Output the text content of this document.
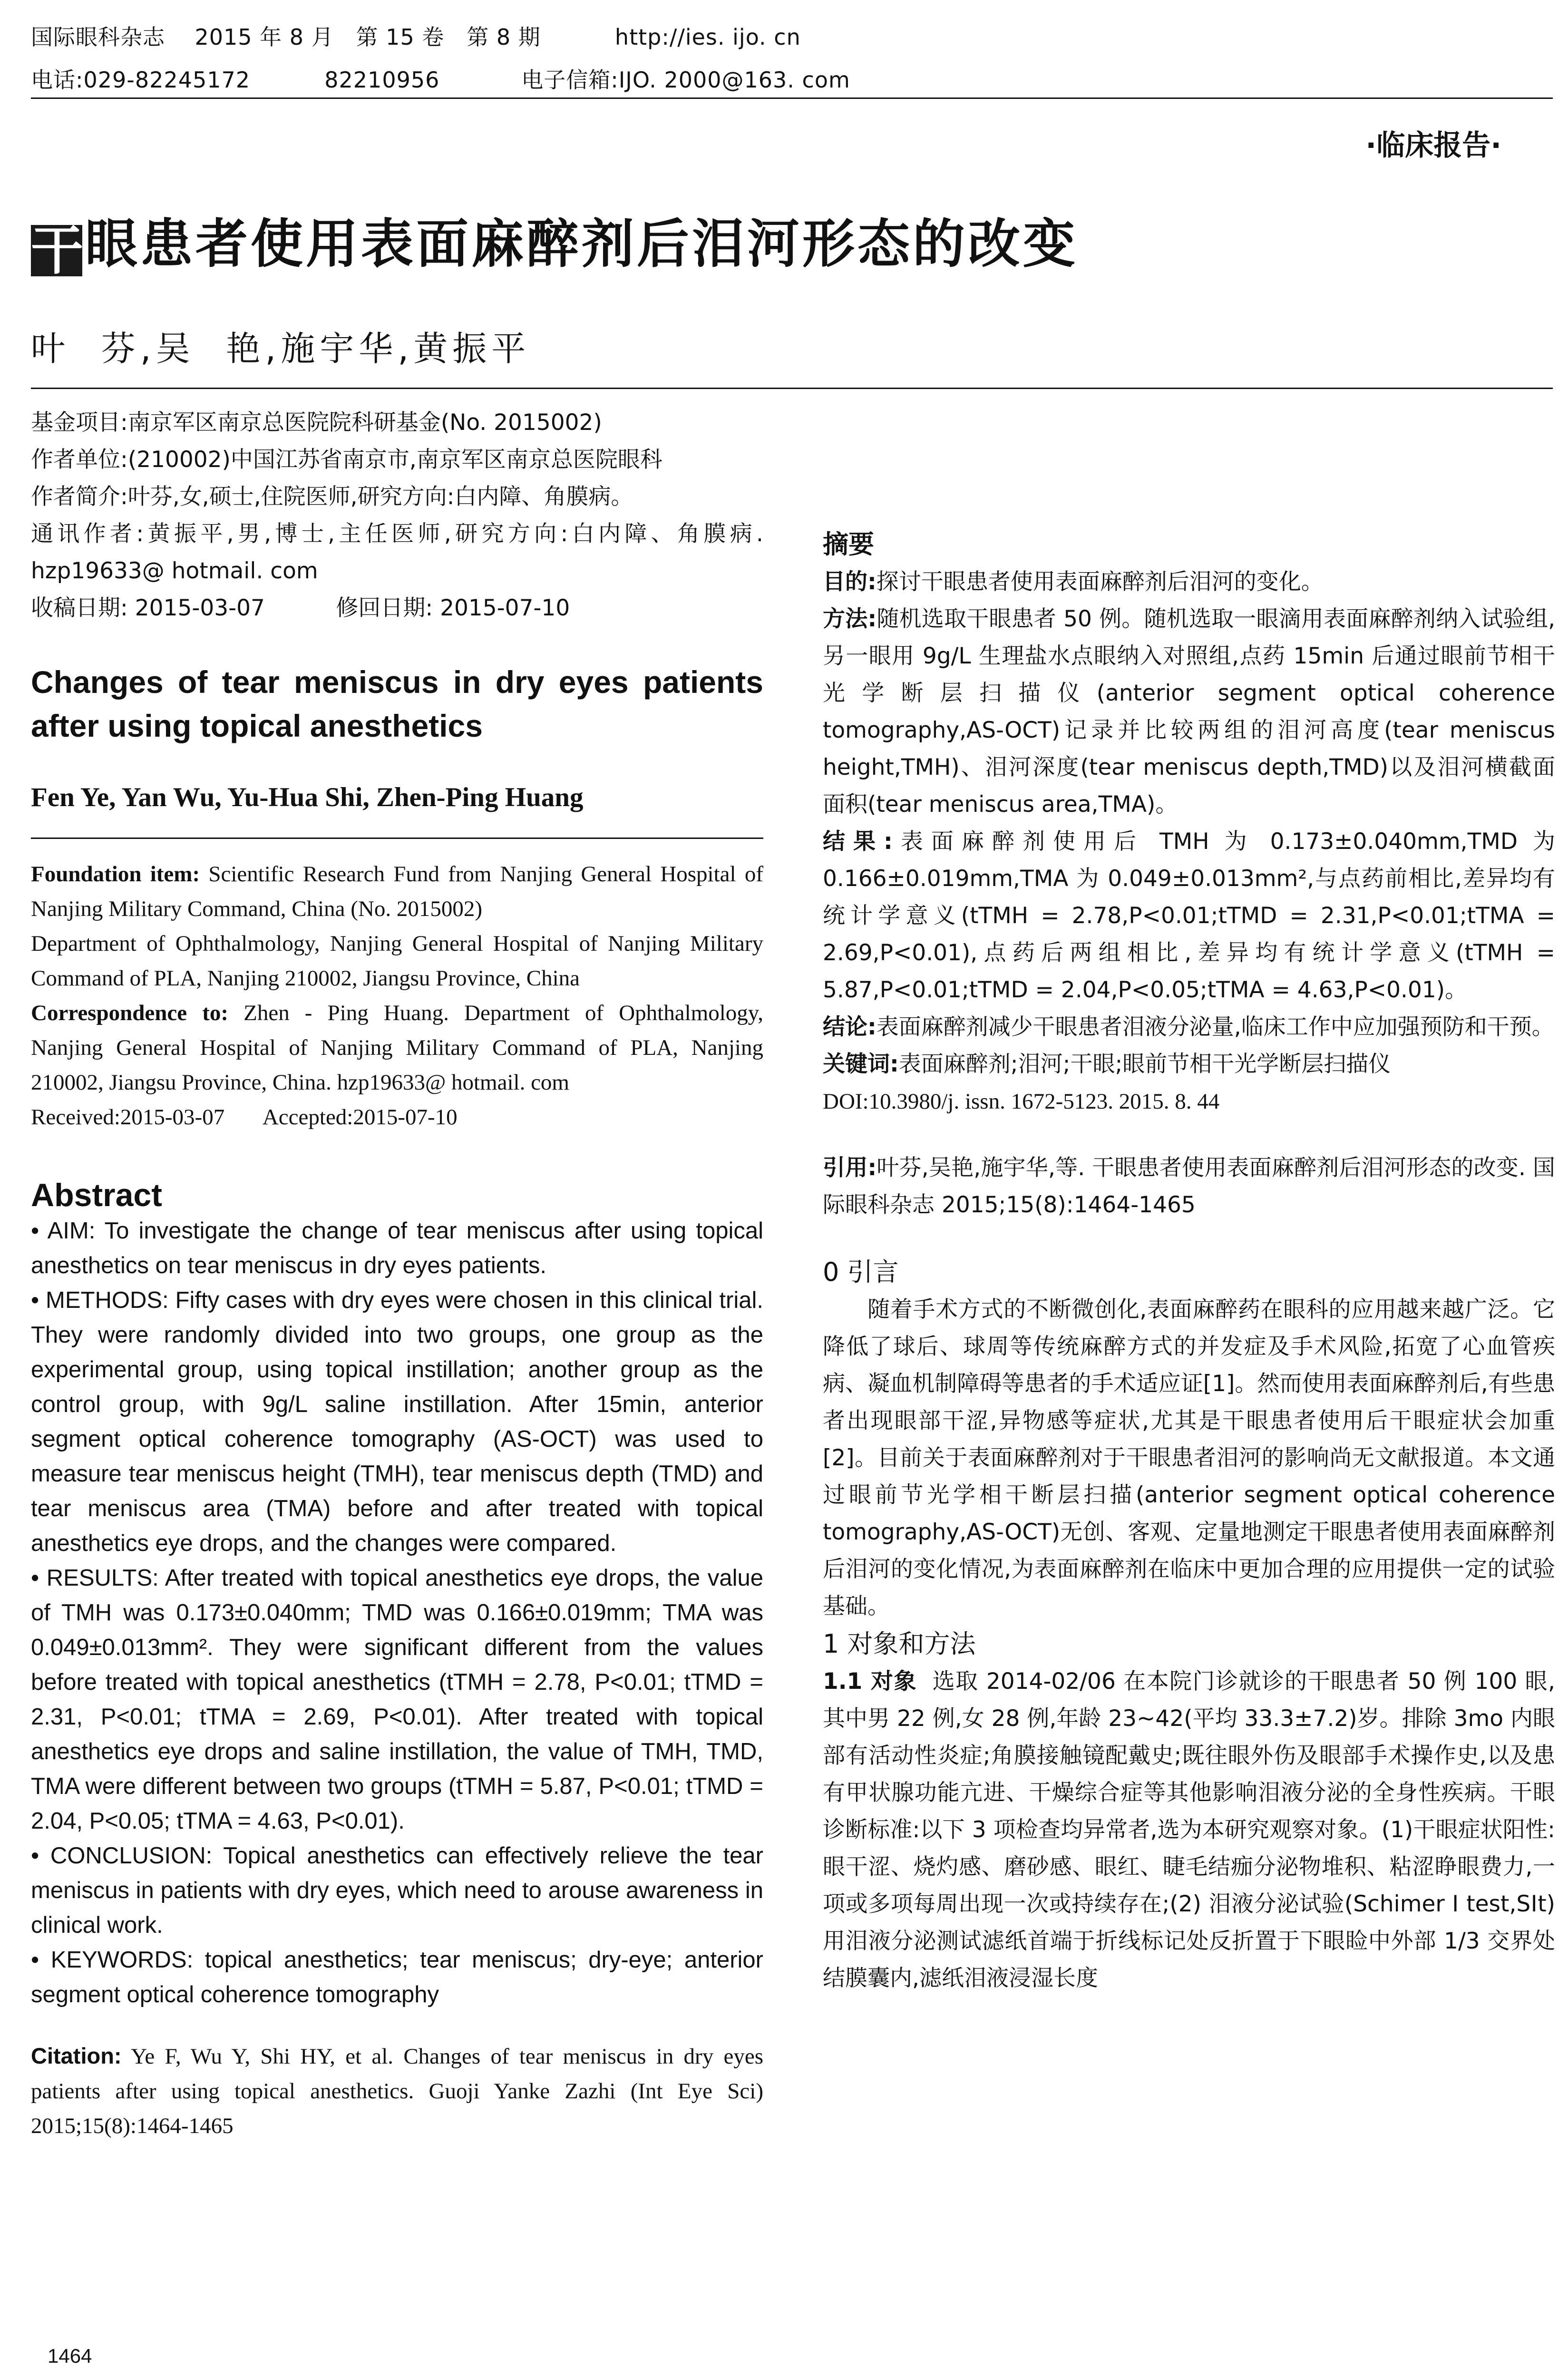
国际眼科杂志    2015 年 8 月   第 15 卷   第 8 期          http://ies. ijo. cn
电话:029-82245172          82210956           电子信箱:IJO. 2000@163. com
·临床报告·
干眼患者使用表面麻醉剂后泪河形态的改变
叶  芬,吴  艳,施宇华,黄振平

基金项目:南京军区南京总医院院科研基金(No. 2015002)

作者单位:(210002)中国江苏省南京市,南京军区南京总医院眼科

作者简介:叶芬,女,硕士,住院医师,研究方向:白内障、角膜病。

通讯作者:黄振平,男,博士,主任医师,研究方向:白内障、角膜病. hzp19633@ hotmail. com

收稿日期: 2015-03-07          修回日期: 2015-07-10

Changes of tear meniscus in dry eyes patients after using topical anesthetics

Fen Ye, Yan Wu, Yu-Hua Shi, Zhen-Ping Huang

Foundation item: Scientific Research Fund from Nanjing General Hospital of Nanjing Military Command, China (No. 2015002)

Department of Ophthalmology, Nanjing General Hospital of Nanjing Military Command of PLA, Nanjing 210002, Jiangsu Province, China

Correspondence to: Zhen - Ping Huang. Department of Ophthalmology, Nanjing General Hospital of Nanjing Military Command of PLA, Nanjing 210002, Jiangsu Province, China. hzp19633@ hotmail. com

Received:2015-03-07       Accepted:2015-07-10

Abstract

• AIM: To investigate the change of tear meniscus after using topical anesthetics on tear meniscus in dry eyes patients.

• METHODS: Fifty cases with dry eyes were chosen in this clinical trial. They were randomly divided into two groups, one group as the experimental group, using topical instillation; another group as the control group, with 9g/L saline instillation. After 15min, anterior segment optical coherence tomography (AS-OCT) was used to measure tear meniscus height (TMH), tear meniscus depth (TMD) and tear meniscus area (TMA) before and after treated with topical anesthetics eye drops, and the changes were compared.

• RESULTS: After treated with topical anesthetics eye drops, the value of TMH was 0.173±0.040mm; TMD was 0.166±0.019mm; TMA was 0.049±0.013mm². They were significant different from the values before treated with topical anesthetics (tTMH = 2.78, P<0.01; tTMD = 2.31, P<0.01; tTMA = 2.69, P<0.01). After treated with topical anesthetics eye drops and saline instillation, the value of TMH, TMD, TMA were different between two groups (tTMH = 5.87, P<0.01; tTMD = 2.04, P<0.05; tTMA = 4.63, P<0.01).

• CONCLUSION: Topical anesthetics can effectively relieve the tear meniscus in patients with dry eyes, which need to arouse awareness in clinical work.

• KEYWORDS: topical anesthetics; tear meniscus; dry-eye; anterior segment optical coherence tomography

Citation: Ye F, Wu Y, Shi HY, et al. Changes of tear meniscus in dry eyes patients after using topical anesthetics. Guoji Yanke Zazhi (Int Eye Sci) 2015;15(8):1464-1465

摘要

目的:探讨干眼患者使用表面麻醉剂后泪河的变化。

方法:随机选取干眼患者 50 例。随机选取一眼滴用表面麻醉剂纳入试验组,另一眼用 9g/L 生理盐水点眼纳入对照组,点药 15min 后通过眼前节相干光学断层扫描仪(anterior segment optical coherence tomography,AS-OCT)记录并比较两组的泪河高度(tear meniscus height,TMH)、泪河深度(tear meniscus depth,TMD)以及泪河横截面面积(tear meniscus area,TMA)。

结果:表面麻醉剂使用后 TMH 为 0.173±0.040mm,TMD 为 0.166±0.019mm,TMA 为 0.049±0.013mm²,与点药前相比,差异均有统计学意义(tTMH = 2.78,P<0.01;tTMD = 2.31,P<0.01;tTMA = 2.69,P<0.01),点药后两组相比,差异均有统计学意义(tTMH = 5.87,P<0.01;tTMD = 2.04,P<0.05;tTMA = 4.63,P<0.01)。

结论:表面麻醉剂减少干眼患者泪液分泌量,临床工作中应加强预防和干预。

关键词:表面麻醉剂;泪河;干眼;眼前节相干光学断层扫描仪

DOI:10.3980/j. issn. 1672-5123. 2015. 8. 44

引用:叶芬,吴艳,施宇华,等. 干眼患者使用表面麻醉剂后泪河形态的改变. 国际眼科杂志 2015;15(8):1464-1465

0 引言

随着手术方式的不断微创化,表面麻醉药在眼科的应用越来越广泛。它降低了球后、球周等传统麻醉方式的并发症及手术风险,拓宽了心血管疾病、凝血机制障碍等患者的手术适应证[1]。然而使用表面麻醉剂后,有些患者出现眼部干涩,异物感等症状,尤其是干眼患者使用后干眼症状会加重[2]。目前关于表面麻醉剂对于干眼患者泪河的影响尚无文献报道。本文通过眼前节光学相干断层扫描(anterior segment optical coherence tomography,AS-OCT)无创、客观、定量地测定干眼患者使用表面麻醉剂后泪河的变化情况,为表面麻醉剂在临床中更加合理的应用提供一定的试验基础。

1 对象和方法

1.1 对象 选取 2014-02/06 在本院门诊就诊的干眼患者 50 例 100 眼,其中男 22 例,女 28 例,年龄 23~42(平均 33.3±7.2)岁。排除 3mo 内眼部有活动性炎症;角膜接触镜配戴史;既往眼外伤及眼部手术操作史,以及患有甲状腺功能亢进、干燥综合症等其他影响泪液分泌的全身性疾病。干眼诊断标准:以下 3 项检查均异常者,选为本研究观察对象。(1)干眼症状阳性:眼干涩、烧灼感、磨砂感、眼红、睫毛结痂分泌物堆积、粘涩睁眼费力,一项或多项每周出现一次或持续存在;(2) 泪液分泌试验(Schimer Ⅰ test,SⅠt)用泪液分泌测试滤纸首端于折线标记处反折置于下眼睑中外部 1/3 交界处结膜囊内,滤纸泪液浸湿长度

1464
